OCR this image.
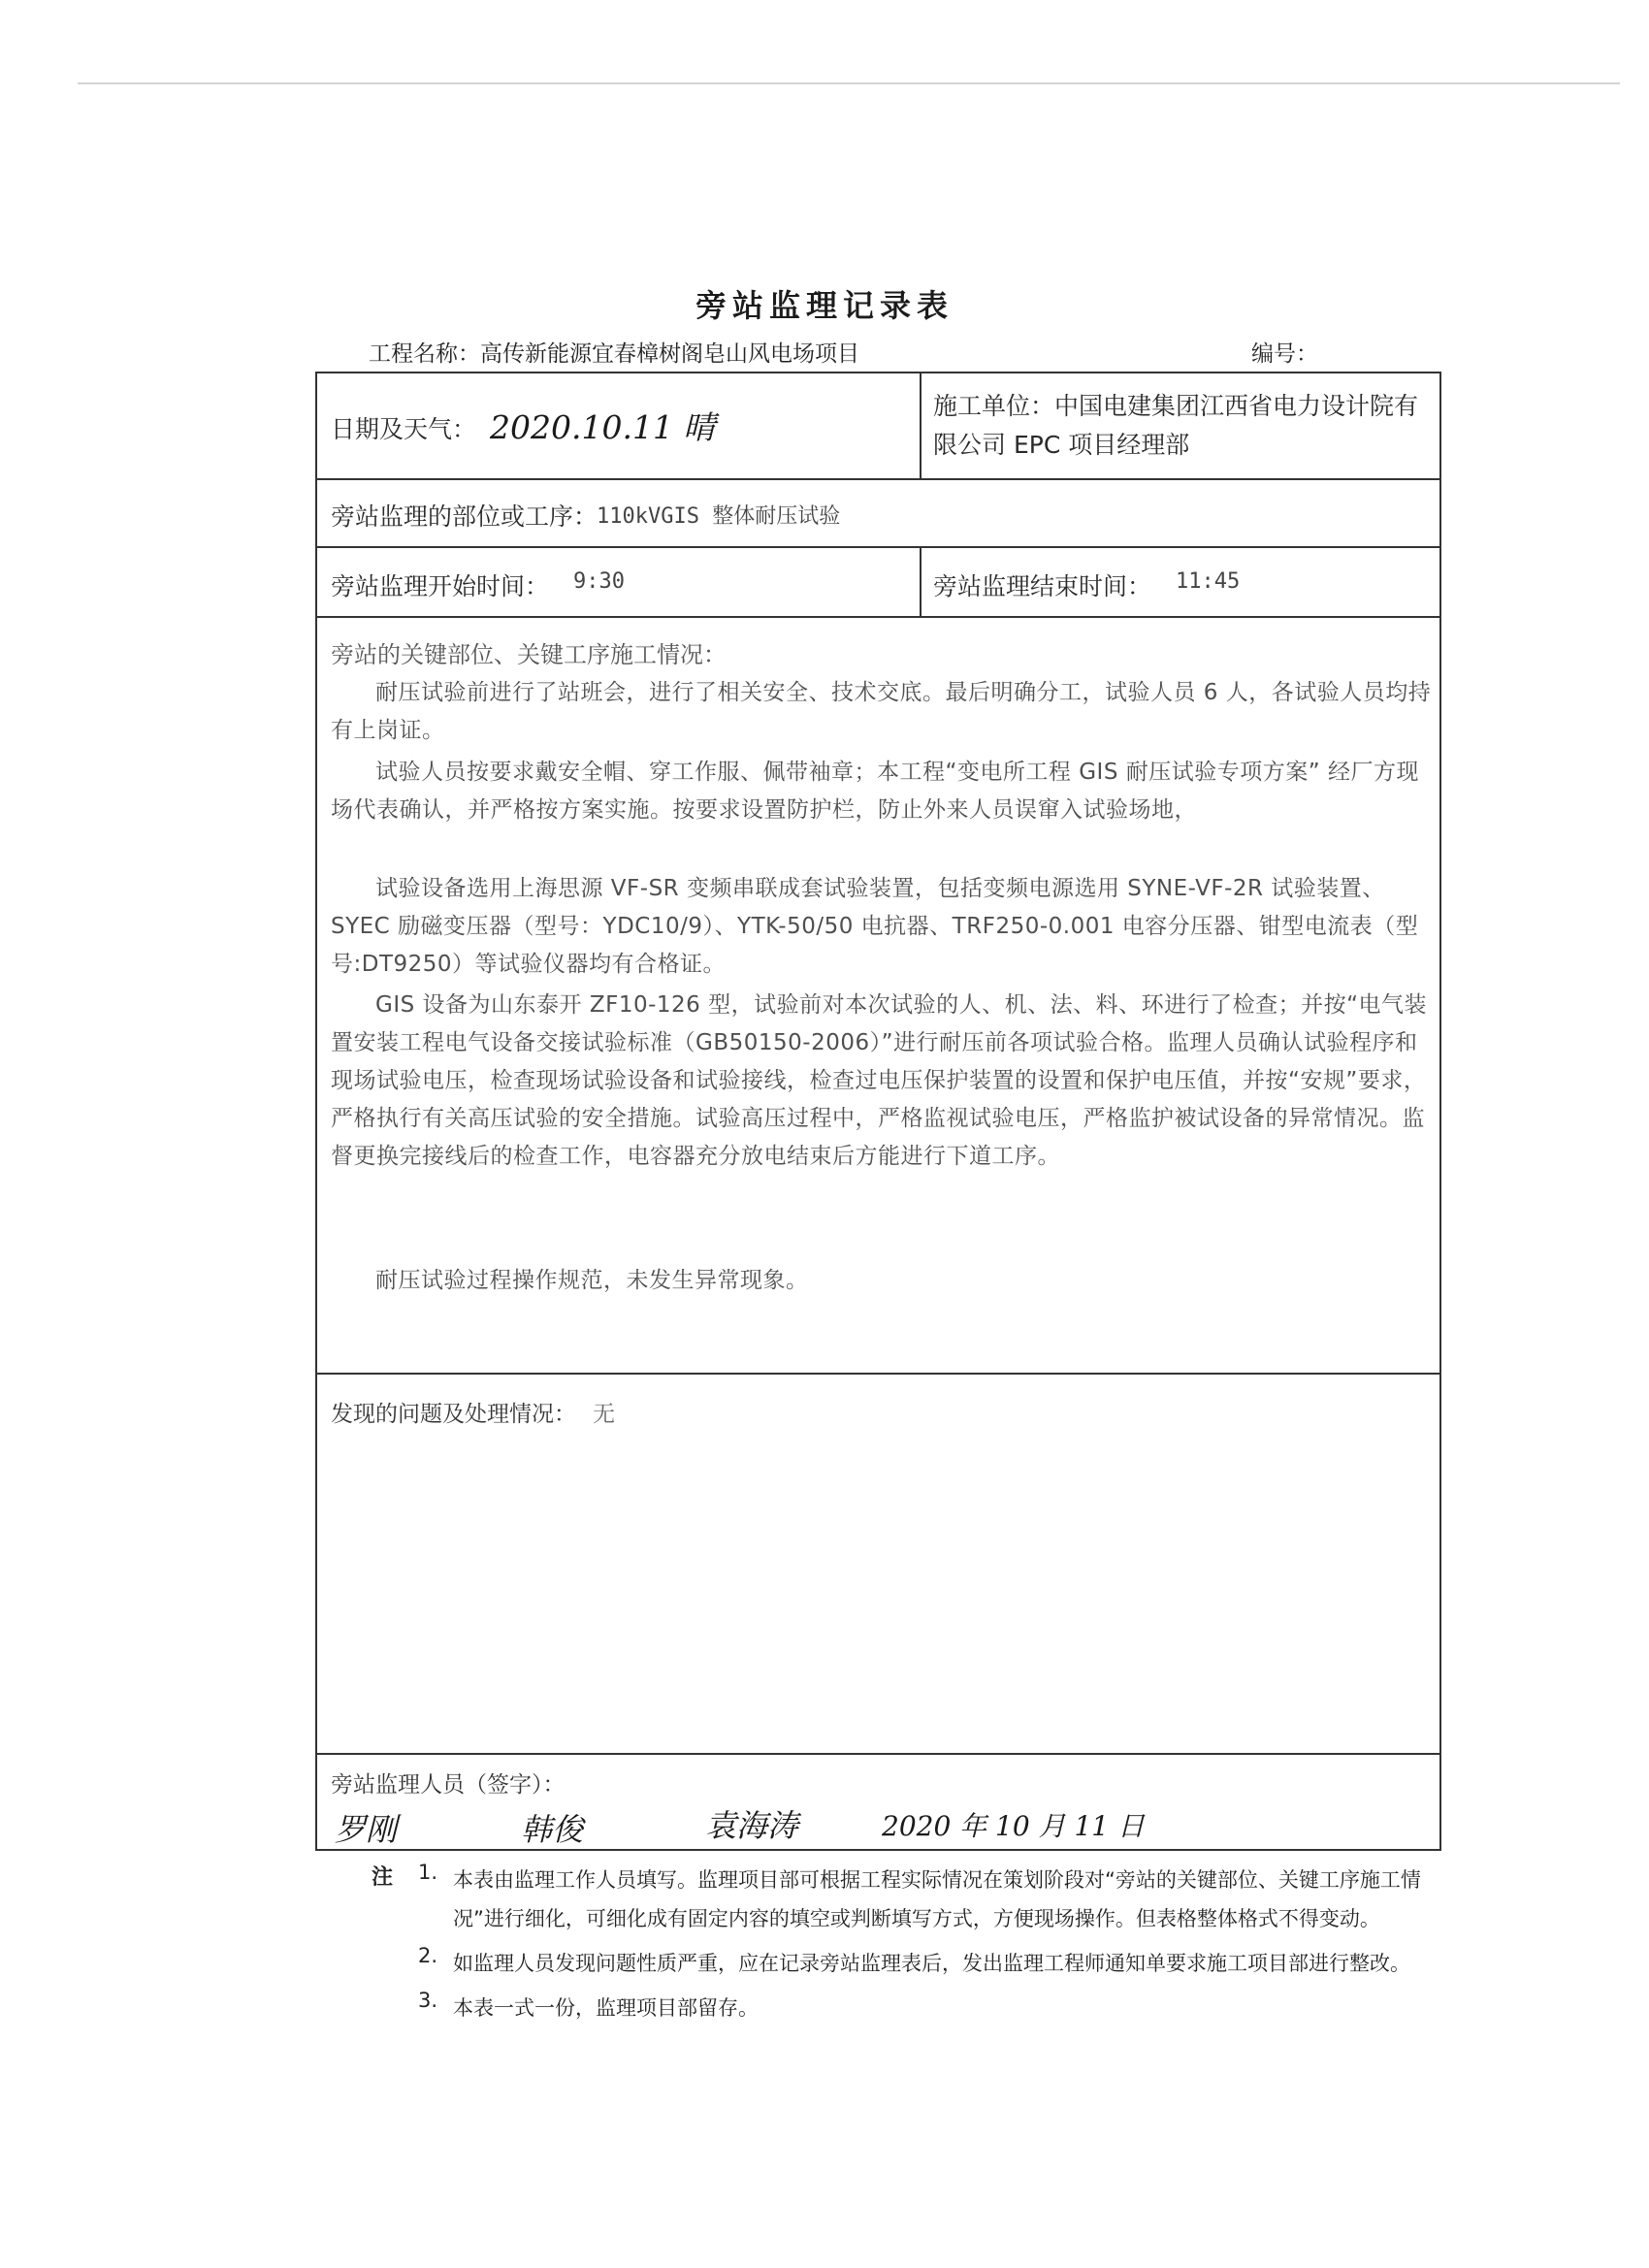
旁站监理记录表
工程名称：高传新能源宜春樟树阁皂山风电场项目	编号：
日期及天气： 2020.10.11 晴
施工单位：中国电建集团江西省电力设计院有限公司 EPC 项目经理部
旁站监理的部位或工序：
110kVGIS 整体耐压试验
旁站监理开始时间： 9:30	旁站监理结束时间： 11:45
旁站的关键部位、关键工序施工情况：

耐压试验前进行了站班会，进行了相关安全、技术交底。最后明确分工，试验人员 6 人，各试验人员均持有上岗证。

试验人员按要求戴安全帽、穿工作服、佩带袖章；本工程“变电所工程 GIS 耐压试验专项方案” 经厂方现场代表确认，并严格按方案实施。按要求设置防护栏，防止外来人员误窜入试验场地，

试验设备选用上海思源 VF-SR 变频串联成套试验装置，包括变频电源选用 SYNE-VF-2R 试验装置、SYEC 励磁变压器（型号：YDC10/9）、YTK-50/50 电抗器、TRF250-0.001 电容分压器、钳型电流表（型号:DT9250）等试验仪器均有合格证。

GIS 设备为山东泰开 ZF10-126 型，试验前对本次试验的人、机、法、料、环进行了检查；并按“电气装置安装工程电气设备交接试验标准（GB50150-2006）”进行耐压前各项试验合格。监理人员确认试验程序和现场试验电压，检查现场试验设备和试验接线，检查过电压保护装置的设置和保护电压值，并按“安规”要求，严格执行有关高压试验的安全措施。试验高压过程中，严格监视试验电压，严格监护被试设备的异常情况。监督更换完接线后的检查工作，电容器充分放电结束后方能进行下道工序。

耐压试验过程操作规范，未发生异常现象。

发现的问题及处理情况： 无
旁站监理人员（签字）：
罗刚	韩俊	袁海涛	2020 年 10 月 11 日
注	1. 本表由监理工作人员填写。监理项目部可根据工程实际情况在策划阶段对“旁站的关键部位、关键工序施工情况”进行细化，可细化成有固定内容的填空或判断填写方式，方便现场操作。但表格整体格式不得变动。
2. 如监理人员发现问题性质严重，应在记录旁站监理表后，发出监理工程师通知单要求施工项目部进行整改。
3. 本表一式一份，监理项目部留存。
